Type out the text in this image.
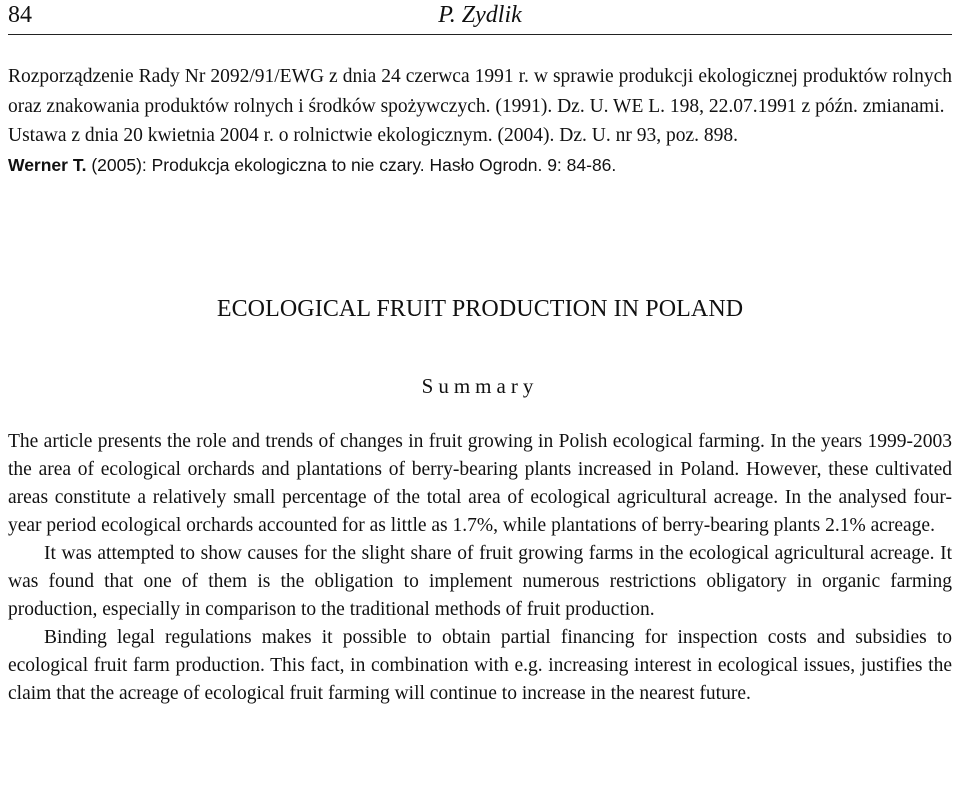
84	P. Zydlik
Rozporządzenie Rady Nr 2092/91/EWG z dnia 24 czerwca 1991 r. w sprawie produkcji ekologicznej produktów rolnych oraz znakowania produktów rolnych i środków spożywczych. (1991). Dz. U. WE L. 198, 22.07.1991 z późn. zmianami.
Ustawa z dnia 20 kwietnia 2004 r. o rolnictwie ekologicznym. (2004). Dz. U. nr 93, poz. 898.
Werner T. (2005): Produkcja ekologiczna to nie czary. Hasło Ogrodn. 9: 84-86.
ECOLOGICAL FRUIT PRODUCTION IN POLAND
Summary

The article presents the role and trends of changes in fruit growing in Polish ecological farming. In the years 1999-2003 the area of ecological orchards and plantations of berry-bearing plants increased in Poland. However, these cultivated areas constitute a relatively small percentage of the total area of ecological agricultural acreage. In the analysed four-year period ecological orchards accounted for as little as 1.7%, while plantations of berry-bearing plants 2.1% acreage.

It was attempted to show causes for the slight share of fruit growing farms in the ecological agricultural acreage. It was found that one of them is the obligation to implement numerous restrictions obligatory in organic farming production, especially in comparison to the traditional methods of fruit production.

Binding legal regulations makes it possible to obtain partial financing for inspection costs and subsidies to ecological fruit farm production. This fact, in combination with e.g. increasing interest in ecological issues, justifies the claim that the acreage of ecological fruit farming will continue to increase in the nearest future.
